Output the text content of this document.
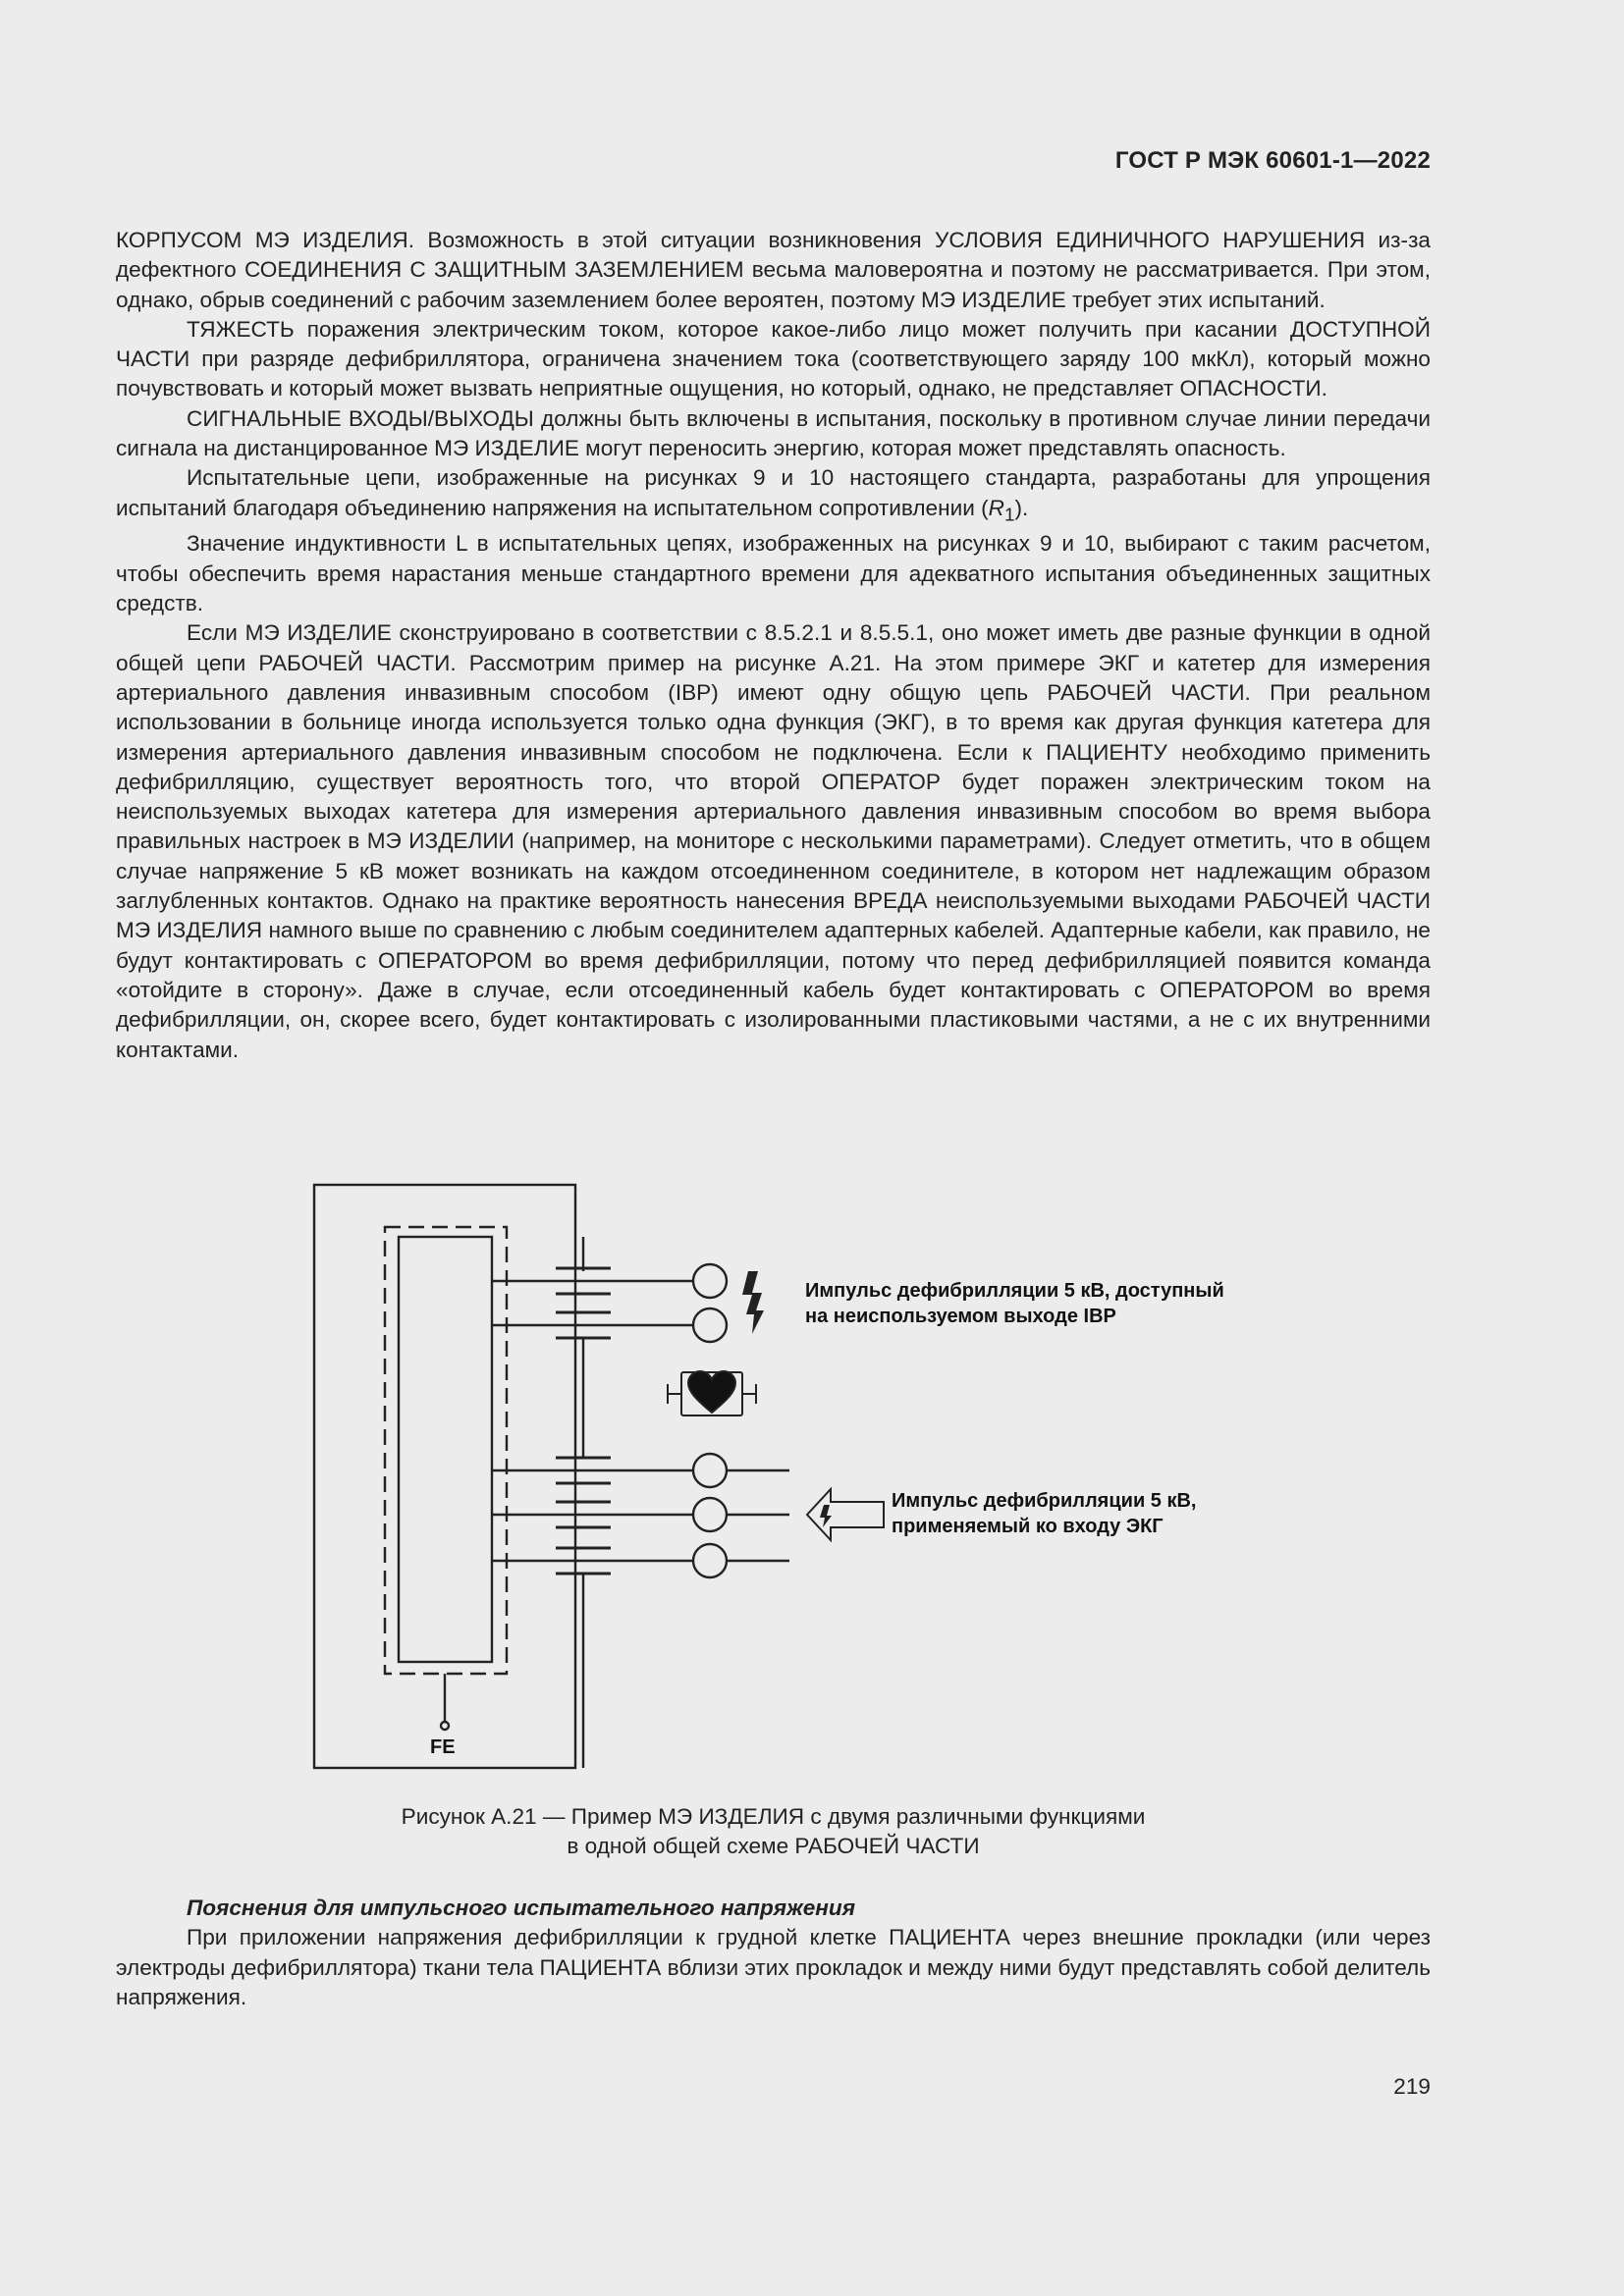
ГОСТ Р МЭК 60601-1—2022

КОРПУСОМ МЭ ИЗДЕЛИЯ. Возможность в этой ситуации возникновения УСЛОВИЯ ЕДИНИЧНОГО НАРУШЕНИЯ из-за дефектного СОЕДИНЕНИЯ С ЗАЩИТНЫМ ЗАЗЕМЛЕНИЕМ весьма маловероятна и поэтому не рассматривается. При этом, однако, обрыв соединений с рабочим заземлением более вероятен, поэтому МЭ ИЗДЕЛИЕ требует этих испытаний.

ТЯЖЕСТЬ поражения электрическим током, которое какое-либо лицо может получить при касании ДОСТУПНОЙ ЧАСТИ при разряде дефибриллятора, ограничена значением тока (соответствующего заряду 100 мкКл), который можно почувствовать и который может вызвать неприятные ощущения, но который, однако, не представляет ОПАСНОСТИ.

СИГНАЛЬНЫЕ ВХОДЫ/ВЫХОДЫ должны быть включены в испытания, поскольку в противном случае линии передачи сигнала на дистанцированное МЭ ИЗДЕЛИЕ могут переносить энергию, которая может представлять опасность.

Испытательные цепи, изображенные на рисунках 9 и 10 настоящего стандарта, разработаны для упрощения испытаний благодаря объединению напряжения на испытательном сопротивлении $(R_1)$.

Значение индуктивности L в испытательных цепях, изображенных на рисунках 9 и 10, выбирают с таким расчетом, чтобы обеспечить время нарастания меньше стандартного времени для адекватного испытания объединенных защитных средств.

Если МЭ ИЗДЕЛИЕ сконструировано в соответствии с 8.5.2.1 и 8.5.5.1, оно может иметь две разные функции в одной общей цепи РАБОЧЕЙ ЧАСТИ. Рассмотрим пример на рисунке А.21. На этом примере ЭКГ и катетер для измерения артериального давления инвазивным способом (IBP) имеют одну общую цепь РАБОЧЕЙ ЧАСТИ. При реальном использовании в больнице иногда используется только одна функция (ЭКГ), в то время как другая функция катетера для измерения артериального давления инвазивным способом не подключена. Если к ПАЦИЕНТУ необходимо применить дефибрилляцию, существует вероятность того, что второй ОПЕРАТОР будет поражен электрическим током на неиспользуемых выходах катетера для измерения артериального давления инвазивным способом во время выбора правильных настроек в МЭ ИЗДЕЛИИ (например, на мониторе с несколькими параметрами). Следует отметить, что в общем случае напряжение 5 кВ может возникать на каждом отсоединенном соединителе, в котором нет надлежащим образом заглубленных контактов. Однако на практике вероятность нанесения ВРЕДА неиспользуемыми выходами РАБОЧЕЙ ЧАСТИ МЭ ИЗДЕЛИЯ намного выше по сравнению с любым соединителем адаптерных кабелей. Адаптерные кабели, как правило, не будут контактировать с ОПЕРАТОРОМ во время дефибрилляции, потому что перед дефибрилляцией появится команда «отойдите в сторону». Даже в случае, если отсоединенный кабель будет контактировать с ОПЕРАТОРОМ во время дефибрилляции, он, скорее всего, будет контактировать с изолированными пластиковыми частями, а не с их внутренними контактами.

Импульс дефибрилляции 5 кВ, доступный
на неиспользуемом выходе IBP
Импульс дефибрилляции 5 кВ,
применяемый ко входу ЭКГ
FE
Рисунок А.21 — Пример МЭ ИЗДЕЛИЯ с двумя различными функциями
в одной общей схеме РАБОЧЕЙ ЧАСТИ

Пояснения для импульсного испытательного напряжения

При приложении напряжения дефибрилляции к грудной клетке ПАЦИЕНТА через внешние прокладки (или через электроды дефибриллятора) ткани тела ПАЦИЕНТА вблизи этих прокладок и между ними будут представлять собой делитель напряжения.

219
